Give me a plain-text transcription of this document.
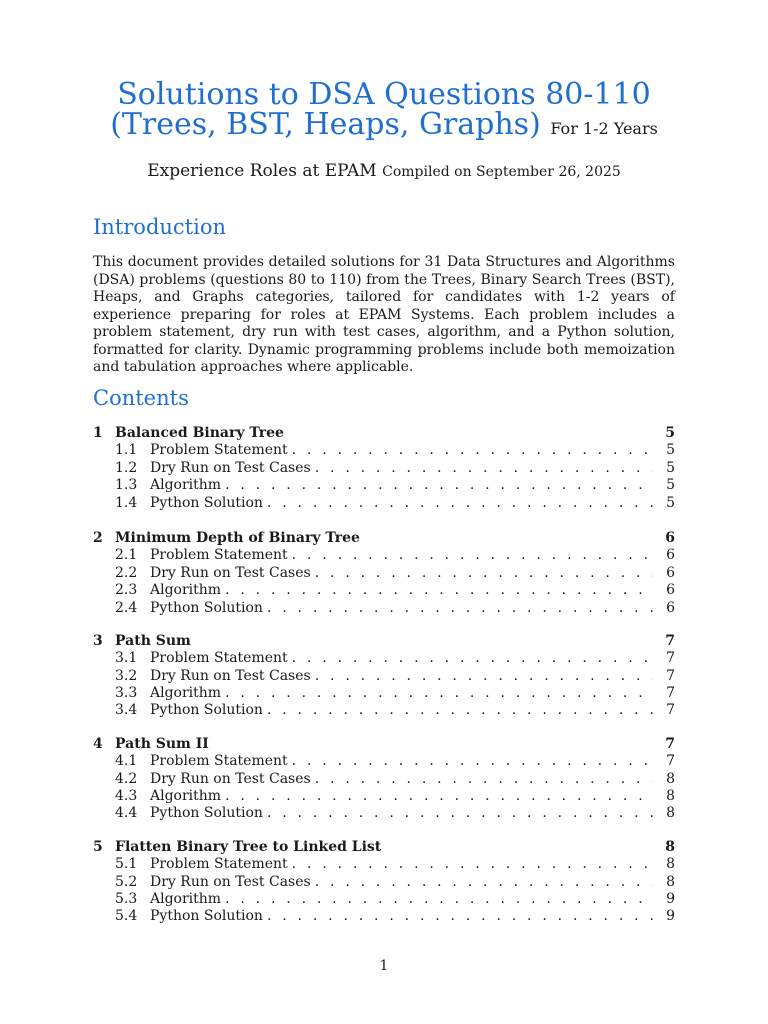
Solutions to DSA Questions 80-110
(Trees, BST, Heaps, Graphs) For 1-2 Years
Experience Roles at EPAM Compiled on September 26, 2025
Introduction
This document provides detailed solutions for 31 Data Structures and Algorithms (DSA) problems (questions 80 to 110) from the Trees, Binary Search Trees (BST), Heaps, and Graphs categories, tailored for candidates with 1-2 years of experience preparing for roles at EPAM Systems. Each problem includes a problem statement, dry run with test cases, algorithm, and a Python solution, formatted for clarity. Dynamic programming problems include both memoization and tabulation approaches where applicable.
Contents
1 Balanced Binary Tree	5
1.1 Problem Statement . . .	5
1.2 Dry Run on Test Cases . . .	5
1.3 Algorithm . . .	5
1.4 Python Solution . . .	5
2 Minimum Depth of Binary Tree	6
2.1 Problem Statement . . .	6
2.2 Dry Run on Test Cases . . .	6
2.3 Algorithm . . .	6
2.4 Python Solution . . .	6
3 Path Sum	7
3.1 Problem Statement . . .	7
3.2 Dry Run on Test Cases . . .	7
3.3 Algorithm . . .	7
3.4 Python Solution . . .	7
4 Path Sum II	7
4.1 Problem Statement . . .	7
4.2 Dry Run on Test Cases . . .	8
4.3 Algorithm . . .	8
4.4 Python Solution . . .	8
5 Flatten Binary Tree to Linked List	8
5.1 Problem Statement . . .	8
5.2 Dry Run on Test Cases . . .	8
5.3 Algorithm . . .	9
5.4 Python Solution . . .	9
1
